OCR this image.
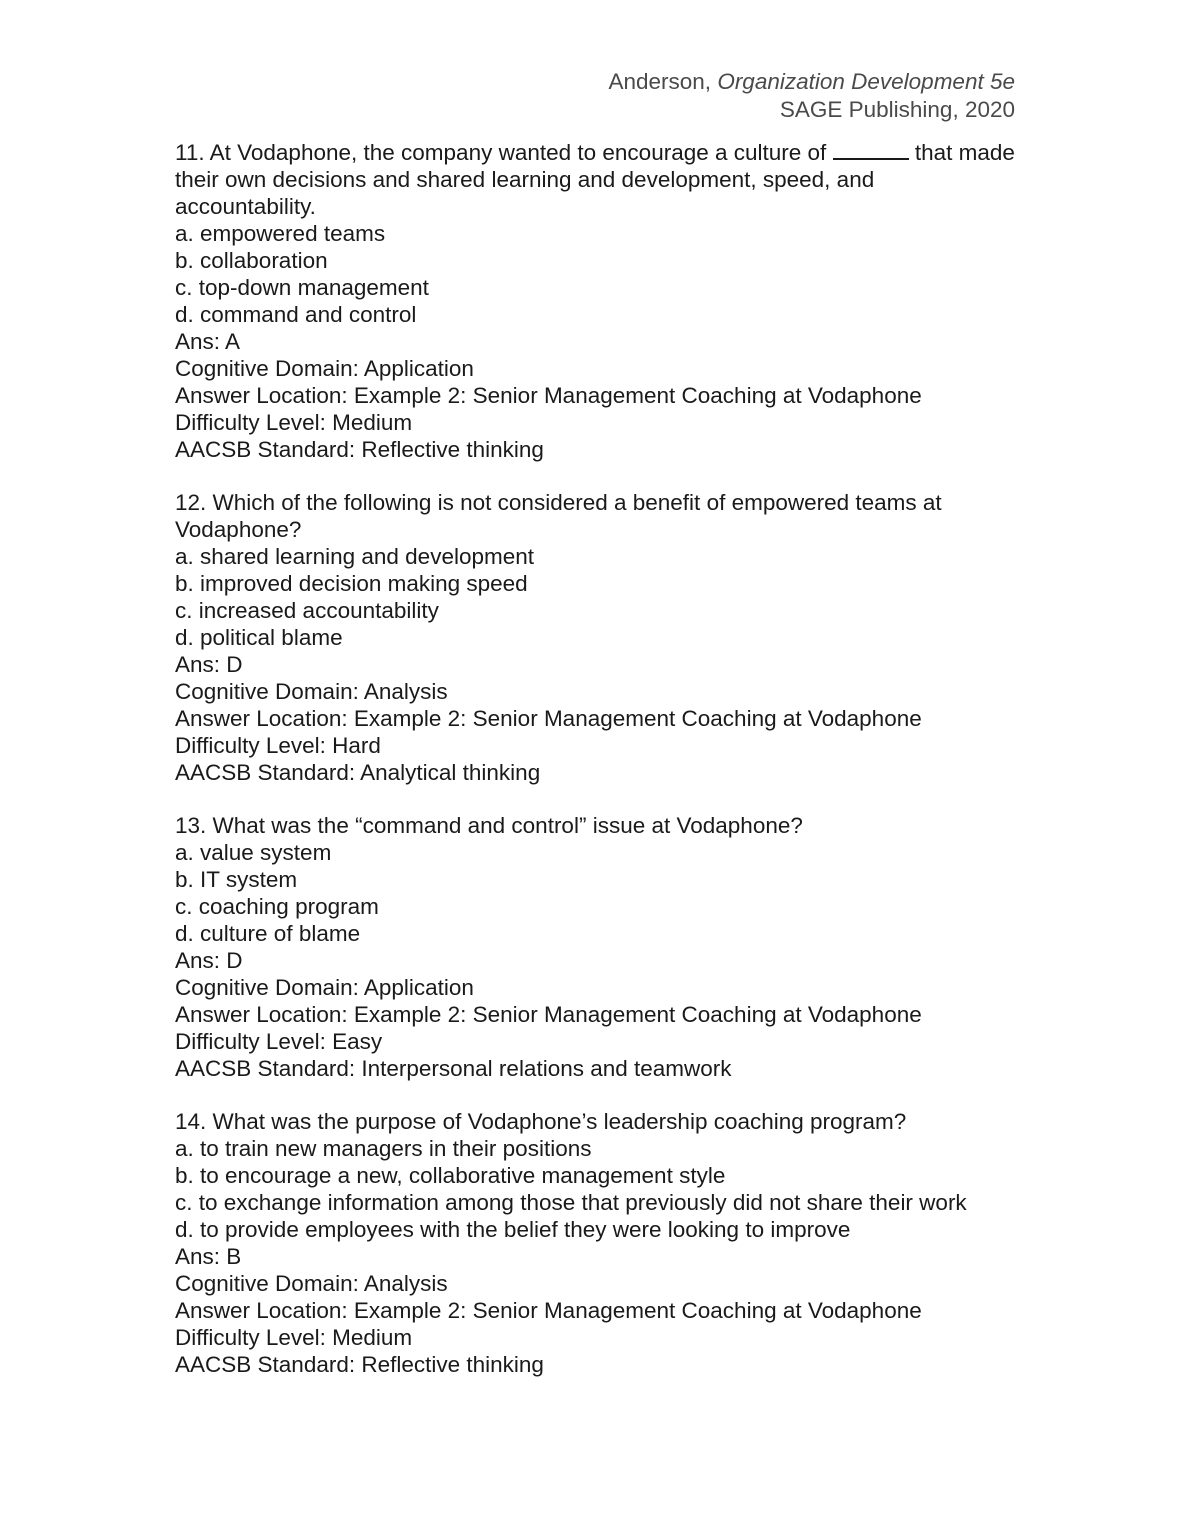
Anderson, Organization Development 5e
SAGE Publishing, 2020
11. At Vodaphone, the company wanted to encourage a culture of	that made their own decisions and shared learning and development, speed, and accountability.
a. empowered teams
b. collaboration
c. top-down management
d. command and control
Ans: A
Cognitive Domain: Application
Answer Location: Example 2: Senior Management Coaching at Vodaphone
Difficulty Level: Medium
AACSB Standard: Reflective thinking
12. Which of the following is not considered a benefit of empowered teams at Vodaphone?
a. shared learning and development
b. improved decision making speed
c. increased accountability
d. political blame
Ans: D
Cognitive Domain: Analysis
Answer Location: Example 2: Senior Management Coaching at Vodaphone
Difficulty Level: Hard
AACSB Standard: Analytical thinking
13. What was the “command and control” issue at Vodaphone?
a. value system
b. IT system
c. coaching program
d. culture of blame
Ans: D
Cognitive Domain: Application
Answer Location: Example 2: Senior Management Coaching at Vodaphone
Difficulty Level: Easy
AACSB Standard: Interpersonal relations and teamwork
14. What was the purpose of Vodaphone’s leadership coaching program?
a. to train new managers in their positions
b. to encourage a new, collaborative management style
c. to exchange information among those that previously did not share their work
d. to provide employees with the belief they were looking to improve
Ans: B
Cognitive Domain: Analysis
Answer Location: Example 2: Senior Management Coaching at Vodaphone
Difficulty Level: Medium
AACSB Standard: Reflective thinking
